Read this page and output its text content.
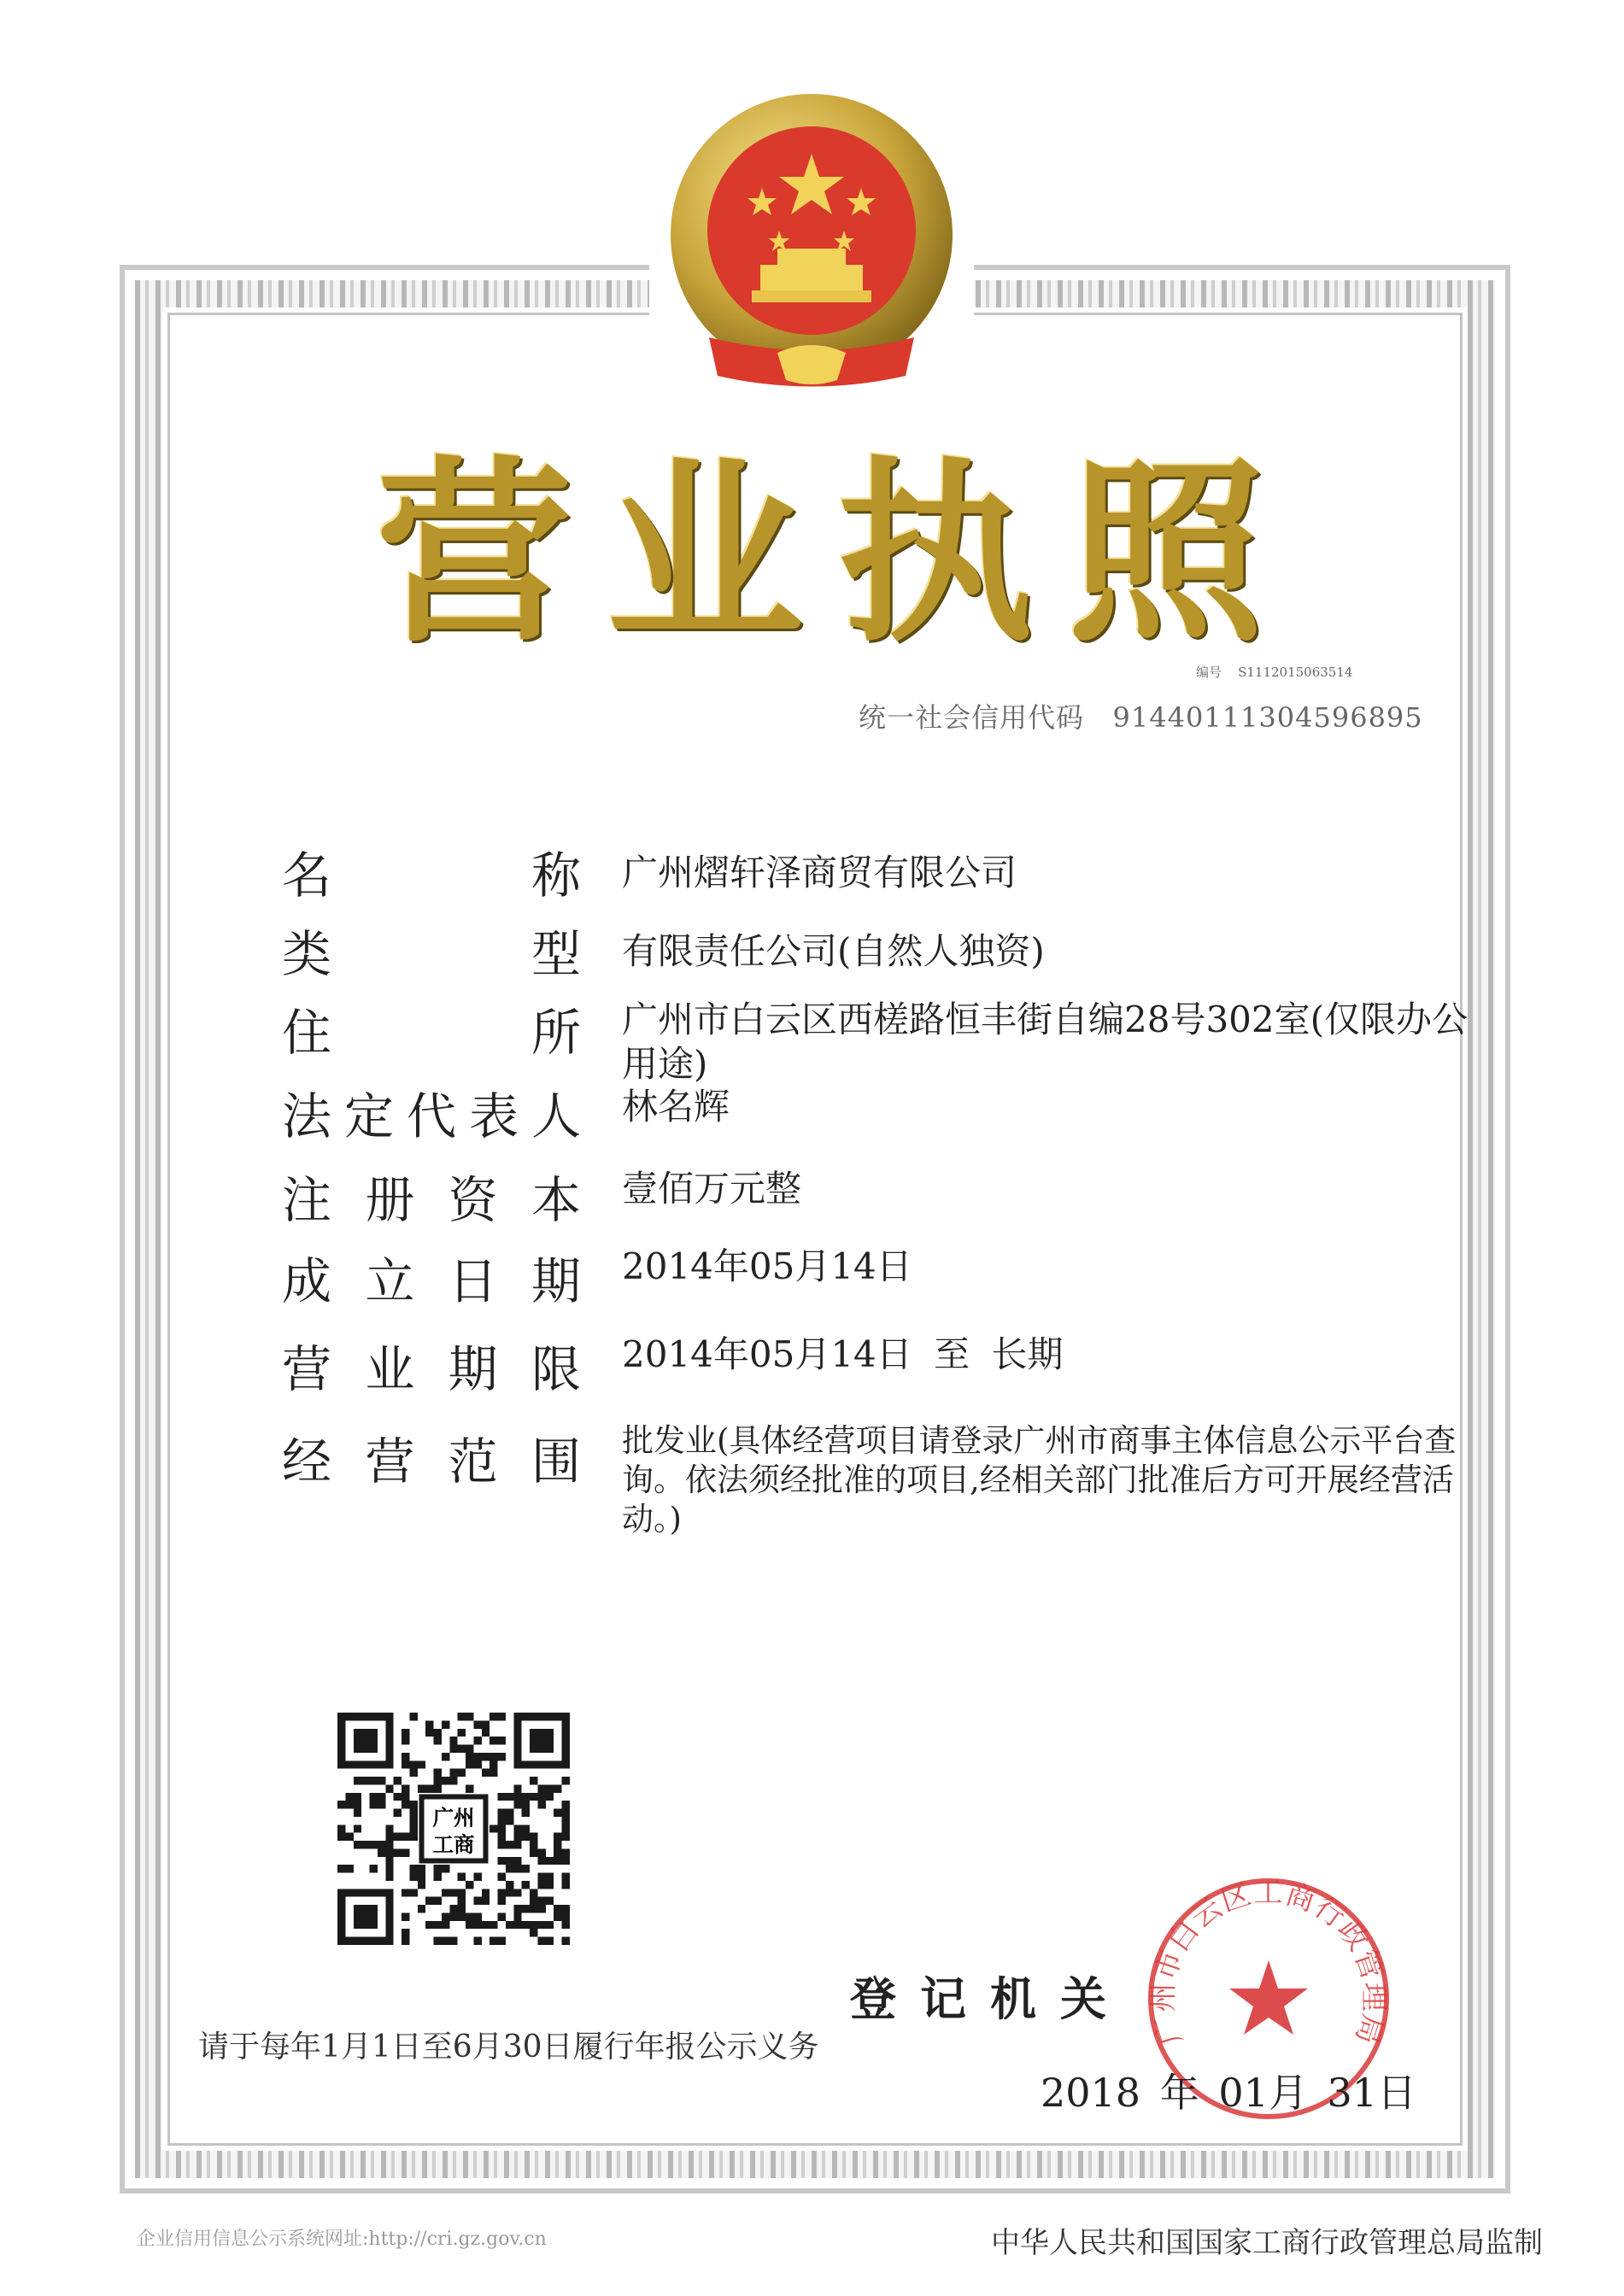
营 业 执 照
编号 S1112015063514
统一社会信用代码 91440111304596895
名	称 广州熠轩泽商贸有限公司
类	型 有限责任公司(自然人独资)
住	所 广州市白云区西槎路恒丰街自编28号302室(仅限办公用途)
法 定 代 表 人 林名辉
注 册 资 本 壹佰万元整
成 立 日 期 2014年05月14日
营 业 期 限 2014年05月14日 至 长期
经 营 范 围 批发业(具体经营项目请登录广州市商事主体信息公示平台查询。依法须经批准的项目,经相关部门批准后方可开展经营活动。)
广州
工商
登记机关
请于每年1月1日至6月30日履行年报公示义务	广州市白云区工商行政管理局
2018 年 01月 31日
企业信用信息公示系统网址:http://cri.gz.gov.cn	中华人民共和国国家工商行政管理总局监制
